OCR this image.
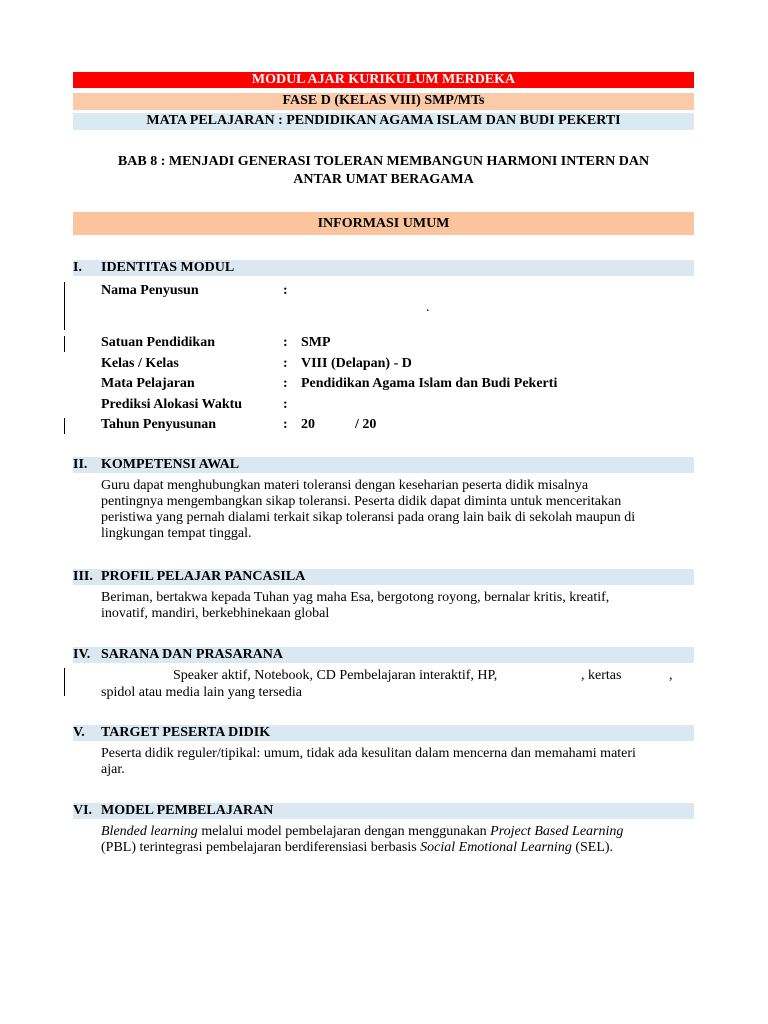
MODUL AJAR KURIKULUM MERDEKA
FASE D (KELAS VIII) SMP/MTs
MATA PELAJARAN : PENDIDIKAN AGAMA ISLAM DAN BUDI PEKERTI
BAB 8 : MENJADI GENERASI TOLERAN MEMBANGUN HARMONI INTERN DAN
ANTAR UMAT BERAGAMA
INFORMASI UMUM
I. IDENTITAS MODUL
Nama Penyusun	:
.
Satuan Pendidikan	: SMP
Kelas / Kelas	: VIII (Delapan) - D
Mata Pelajaran	: Pendidikan Agama Islam dan Budi Pekerti
Prediksi Alokasi Waktu	:
Tahun Penyusunan	: 20	/ 20
II. KOMPETENSI AWAL
Guru dapat menghubungkan materi toleransi dengan keseharian peserta didik misalnya
pentingnya mengembangkan sikap toleransi. Peserta didik dapat diminta untuk menceritakan
peristiwa yang pernah dialami terkait sikap toleransi pada orang lain baik di sekolah maupun di
lingkungan tempat tinggal.
III. PROFIL PELAJAR PANCASILA
Beriman, bertakwa kepada Tuhan yag maha Esa, bergotong royong, bernalar kritis, kreatif,
inovatif, mandiri, berkebhinekaan global
IV. SARANA DAN PRASARANA
Speaker aktif, Notebook, CD Pembelajaran interaktif, HP,	, kertas	,
spidol atau media lain yang tersedia
V. TARGET PESERTA DIDIK
Peserta didik reguler/tipikal: umum, tidak ada kesulitan dalam mencerna dan memahami materi
ajar.
VI. MODEL PEMBELAJARAN
Blended learning melalui model pembelajaran dengan menggunakan Project Based Learning
(PBL) terintegrasi pembelajaran berdiferensiasi berbasis Social Emotional Learning (SEL).
